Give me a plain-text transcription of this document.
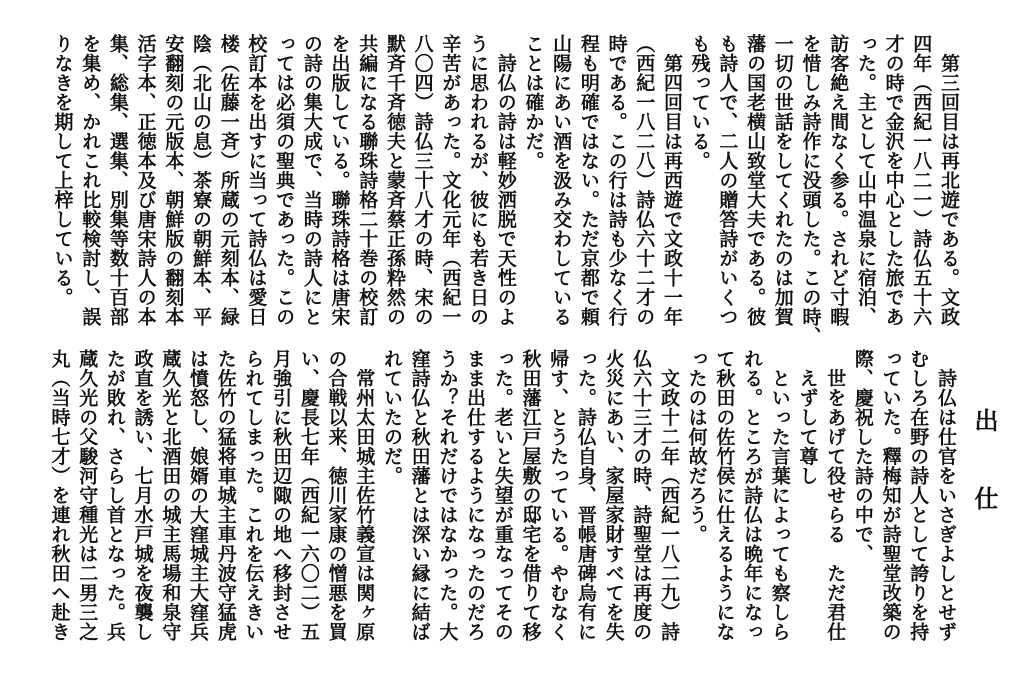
　第三回目は再北遊である。文政
四年（西紀一八二一）詩仏五十六
才の時で金沢を中心とした旅であ
った。主として山中温泉に宿泊、
訪客絶え間なく参る。されど寸暇
を惜しみ詩作に没頭した。この時、
一切の世話をしてくれたのは加賀
藩の国老横山致堂大夫である。彼
も詩人で、二人の贈答詩がいくつ
も残っている。
　第四回目は再西遊で文政十一年
（西紀一八二八）詩仏六十二才の
時である。この行は詩も少なく行
程も明確ではない。ただ京都で頼
山陽にあい酒を汲み交わしている
ことは確かだ。
　詩仏の詩は軽妙洒脱で天性のよ
うに思われるが、彼にも若き日の
辛苦があった。文化元年（西紀一
八〇四）詩仏三十八才の時、宋の
默斉千斉徳夫と蒙斉蔡正孫粋然の
共編になる聯珠詩格二十巻の校訂
を出版している。聯珠詩格は唐宋
の詩の集大成で、当時の詩人にと
っては必須の聖典であった。この
校訂本を出すに当って詩仏は愛日
楼（佐藤一斉）所蔵の元刻本、緑
陰（北山の息）茶寮の朝鮮本、平
安翻刻の元版本、朝鮮版の翻刻本
活字本、正徳本及び唐宋詩人の本
集、総集、選集、別集等数十百部
を集め、かれこれ比較検討し、誤
りなきを期して上梓している。
出仕
　詩仏は仕官をいさぎよしとせず
むしろ在野の詩人として誇りを持
っていた。釋梅知が詩聖堂改築の
際、慶祝した詩の中で、
　世をあげて役せらる　ただ君仕
　えずして尊し
　といった言葉によっても察しら
れる。ところが詩仏は晩年になっ
て秋田の佐竹侯に仕えるようにな
ったのは何故だろう。
　文政十二年（西紀一八二九）詩
仏六十三才の時、詩聖堂は再度の
火災にあい、家屋家財すべてを失
った。詩仏自身、晋帳唐碑烏有に
帰す、とうたっている。やむなく
秋田藩江戸屋敷の邸宅を借りて移
った。老いと失望が重なってその
まま出仕するようになったのだろ
うか？それだけではなかった。大
窪詩仏と秋田藩とは深い縁に結ば
れていたのだ。
　常州太田城主佐竹義宣は関ヶ原
の合戦以来、徳川家康の憎悪を買
い、慶長七年（西紀一六〇二）五
月強引に秋田辺陬の地へ移封させ
られてしまった。これを伝えきい
た佐竹の猛将車城主車丹波守猛虎
は憤怒し、娘婿の大窪城主大窪兵
蔵久光と北酒田の城主馬場和泉守
政直を誘い、七月水戸城を夜襲し
たが敗れ、さらし首となった。兵
蔵久光の父駿河守種光は二男三之
丸（当時七才）を連れ秋田へ赴き
